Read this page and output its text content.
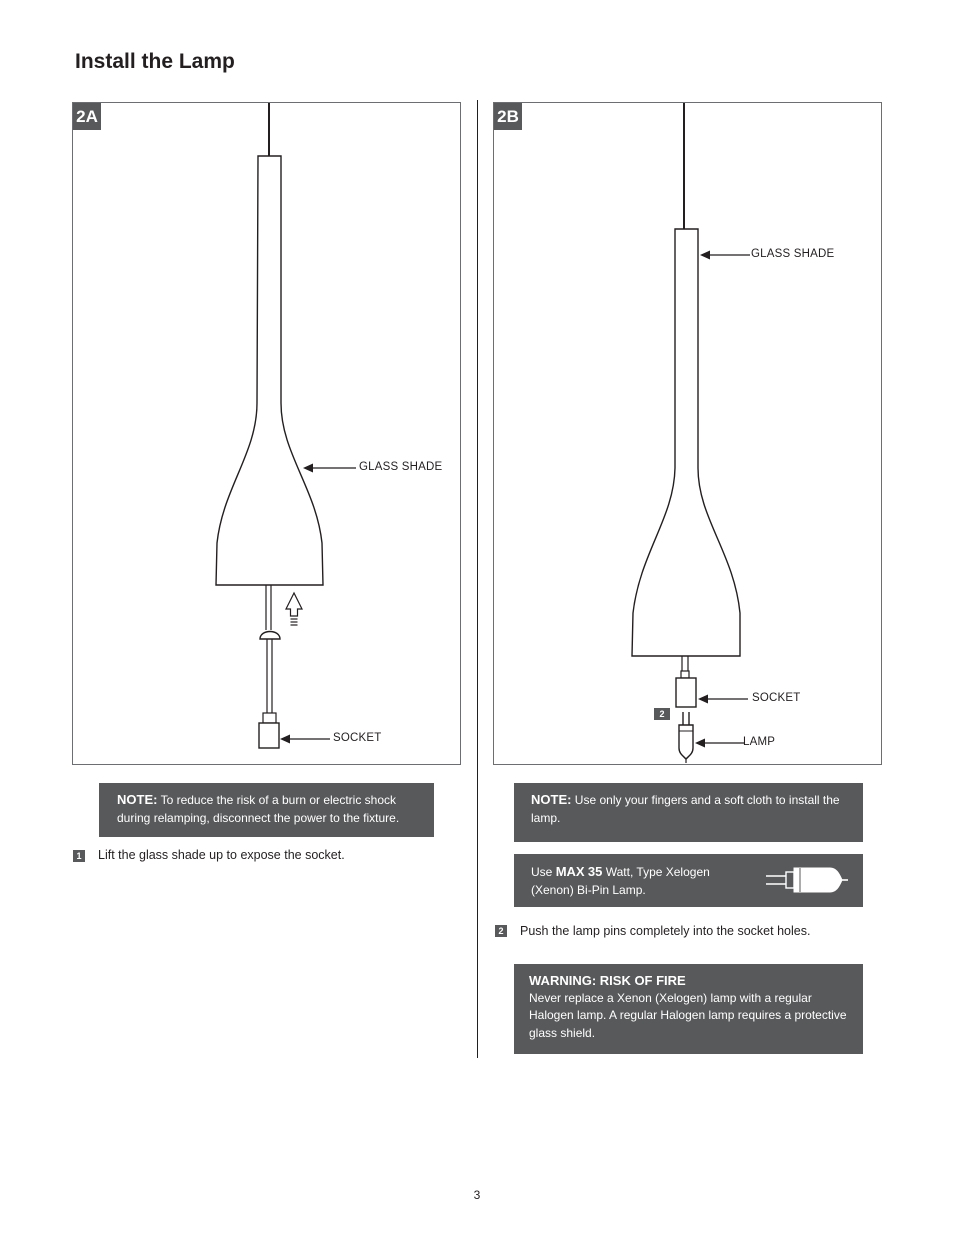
Install the Lamp
2A
GLASS SHADE
SOCKET
NOTE: To reduce the risk of a burn or electric shock during relamping, disconnect the power to the fixture.
1 Lift the glass shade up to expose the socket.
2B
GLASS SHADE
SOCKET
LAMP
2
NOTE: Use only your fingers and a soft cloth to install the lamp.
Use MAX 35 Watt, Type Xelogen (Xenon) Bi-Pin Lamp.
2 Push the lamp pins completely into the socket holes.
WARNING: RISK OF FIRE
Never replace a Xenon (Xelogen) lamp with a regular Halogen lamp. A regular Halogen lamp requires a protective glass shield.
3
